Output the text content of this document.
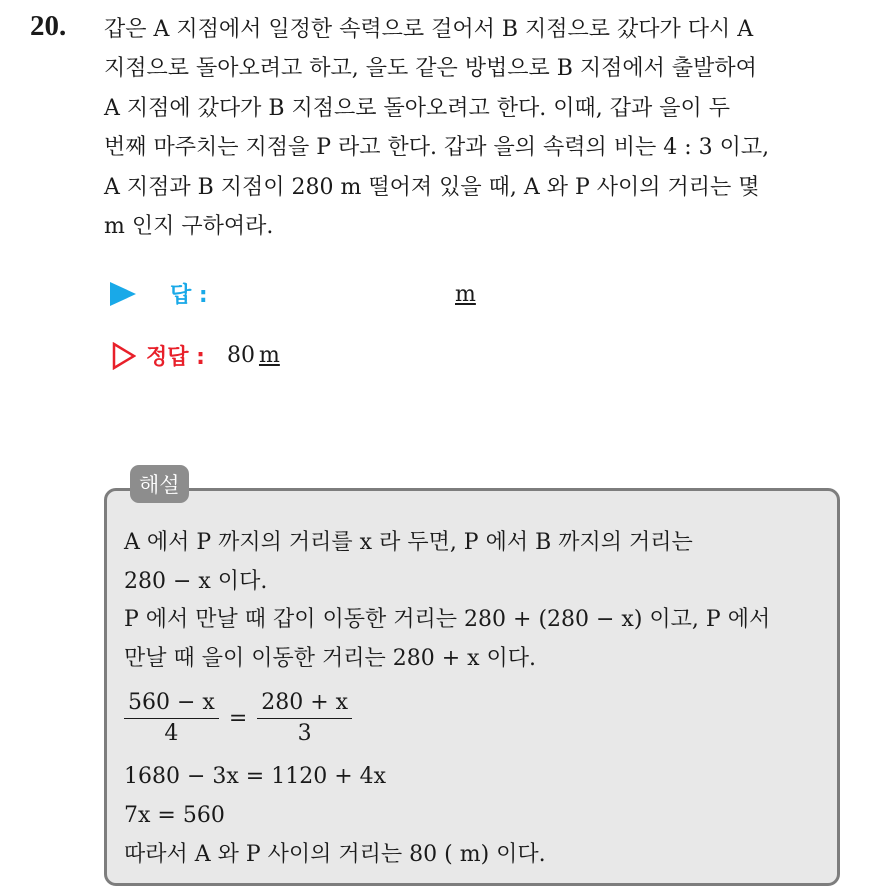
20. 갑은 A 지점에서 일정한 속력으로 걸어서 B 지점으로 갔다가 다시 A
지점으로 돌아오려고 하고, 을도 같은 방법으로 B 지점에서 출발하여
A 지점에 갔다가 B 지점으로 돌아오려고 한다. 이때, 갑과 을이 두
번째 마주치는 지점을 P 라고 한다. 갑과 을의 속력의 비는 4 : 3 이고,
A 지점과 B 지점이 280 m 떨어져 있을 때, A 와 P 사이의 거리는 몇
m 인지 구하여라.
답 :	m
정답 : 80 m
해설
A 에서 P 까지의 거리를 x 라 두면, P 에서 B 까지의 거리는
280 − x 이다.
P 에서 만날 때 갑이 이동한 거리는 280 + (280 − x) 이고, P 에서
만날 때 을이 이동한 거리는 280 + x 이다.
$\frac{560 - x}{4} = \frac{280 + x}{3}$
1680 − 3x = 1120 + 4x
7x = 560
따라서 A 와 P 사이의 거리는 80 ( m) 이다.
